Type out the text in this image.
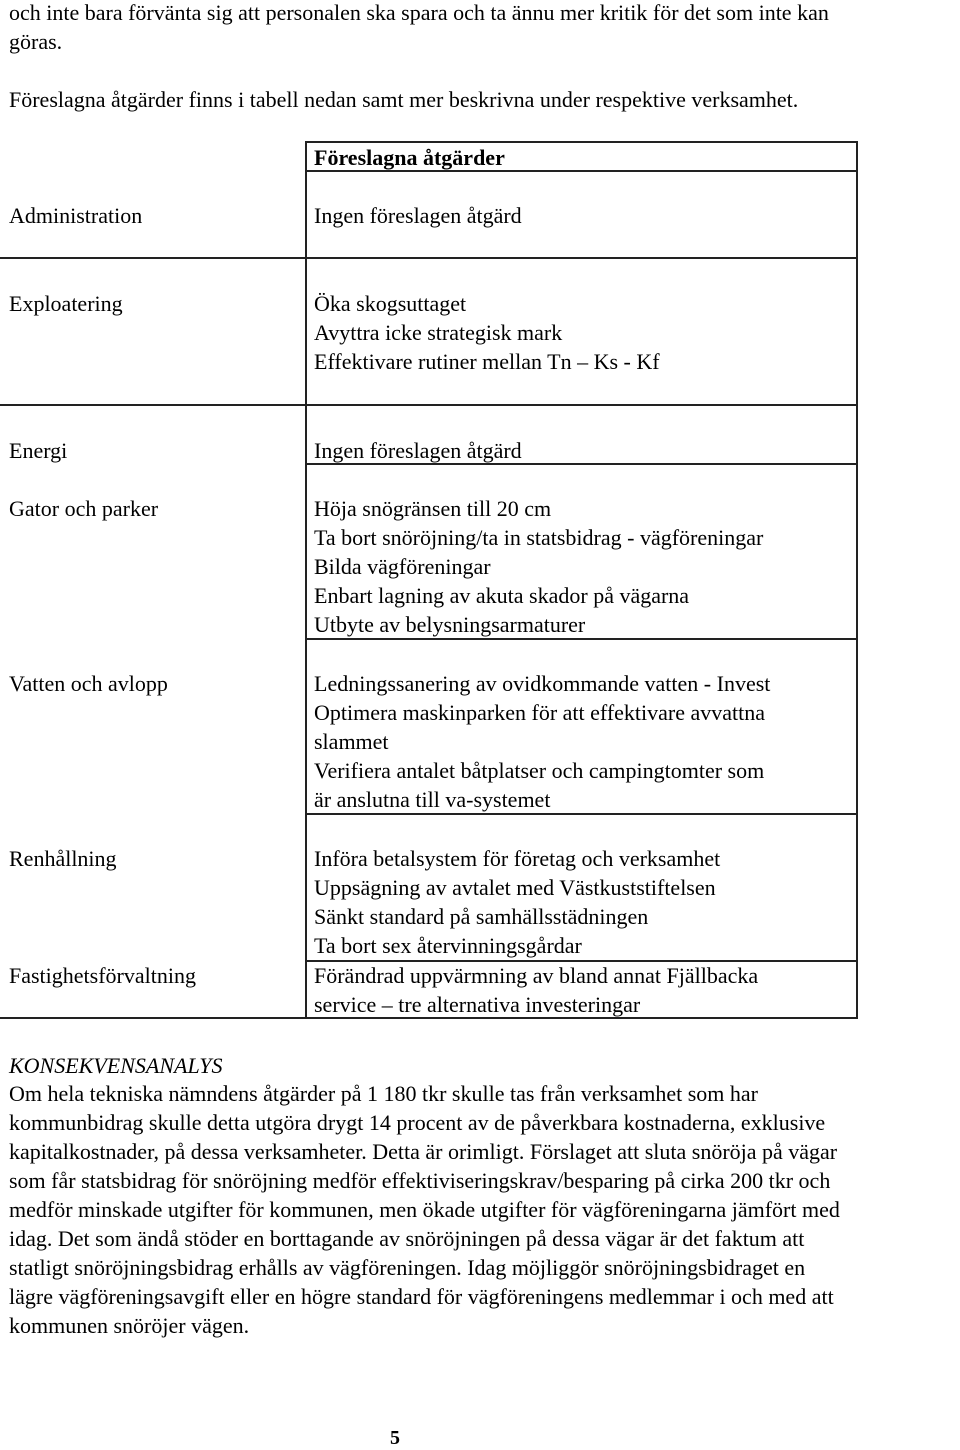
och inte bara förvänta sig att personalen ska spara och ta ännu mer kritik för det som inte kan
göras.
Föreslagna åtgärder finns i tabell nedan samt mer beskrivna under respektive verksamhet.
Föreslagna åtgärder
Administration	Ingen föreslagen åtgärd
Exploatering	Öka skogsuttaget
Avyttra icke strategisk mark
Effektivare rutiner mellan Tn – Ks - Kf
Energi	Ingen föreslagen åtgärd
Gator och parker	Höja snögränsen till 20 cm
Ta bort snöröjning/ta in statsbidrag - vägföreningar
Bilda vägföreningar
Enbart lagning av akuta skador på vägarna
Utbyte av belysningsarmaturer
Vatten och avlopp	Ledningssanering av ovidkommande vatten - Invest
Optimera maskinparken för att effektivare avvattna
slammet
Verifiera antalet båtplatser och campingtomter som
är anslutna till va-systemet
Renhållning	Införa betalsystem för företag och verksamhet
Uppsägning av avtalet med Västkuststiftelsen
Sänkt standard på samhällsstädningen
Ta bort sex återvinningsgårdar
Fastighetsförvaltning	Förändrad uppvärmning av bland annat Fjällbacka
service – tre alternativa investeringar
KONSEKVENSANALYS
Om hela tekniska nämndens åtgärder på 1 180 tkr skulle tas från verksamhet som har
kommunbidrag skulle detta utgöra drygt 14 procent av de påverkbara kostnaderna, exklusive
kapitalkostnader, på dessa verksamheter. Detta är orimligt. Förslaget att sluta snöröja på vägar
som får statsbidrag för snöröjning medför effektiviseringskrav/besparing på cirka 200 tkr och
medför minskade utgifter för kommunen, men ökade utgifter för vägföreningarna jämfört med
idag. Det som ändå stöder en borttagande av snöröjningen på dessa vägar är det faktum att
statligt snöröjningsbidrag erhålls av vägföreningen. Idag möjliggör snöröjningsbidraget en
lägre vägföreningsavgift eller en högre standard för vägföreningens medlemmar i och med att
kommunen snöröjer vägen.
5
